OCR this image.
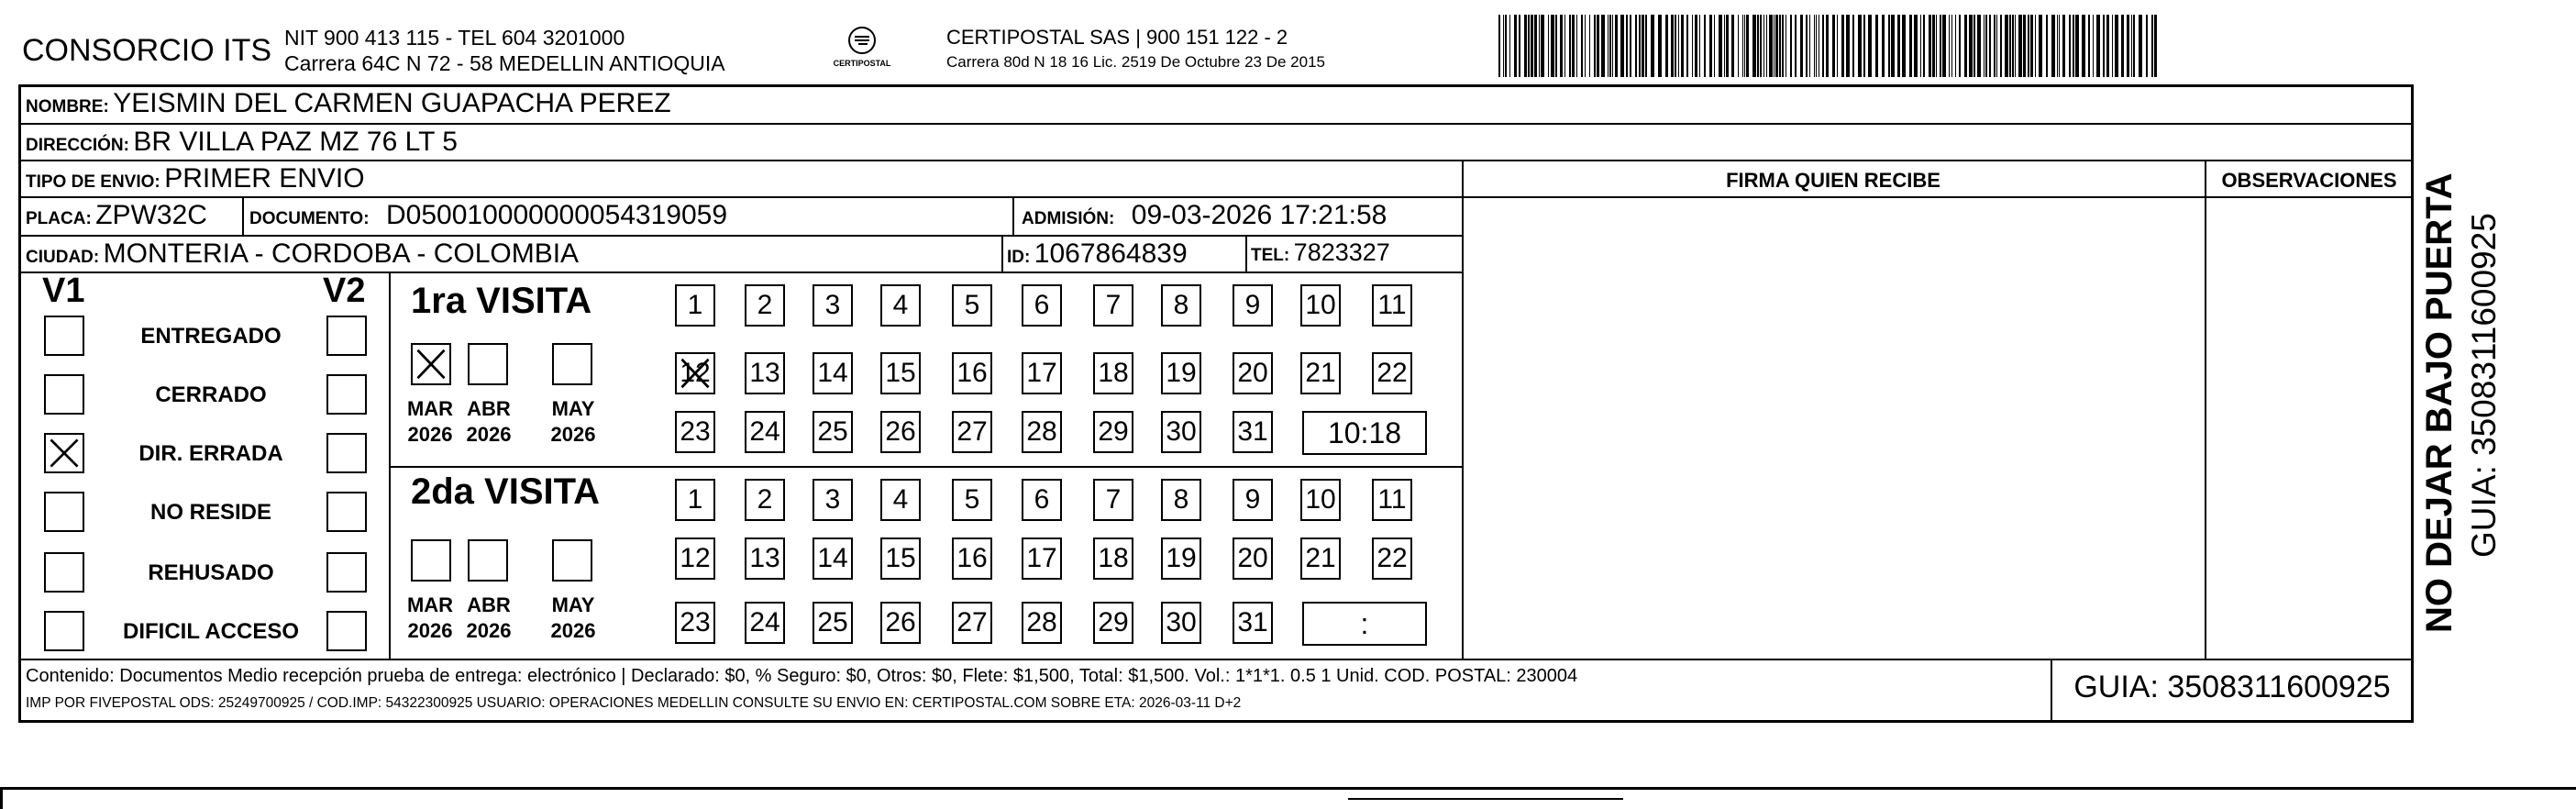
CONSORCIO ITS NIT 900 413 115 - TEL 604 3201000
Carrera 64C N 72 - 58 MEDELLIN ANTIOQUIA	CERTIPOSTAL
CERTIPOSTAL SAS | 900 151 122 - 2
Carrera 80d N 18 16 Lic. 2519 De Octubre 23 De 2015
NOMBRE: YEISMIN DEL CARMEN GUAPACHA PEREZ
DIRECCIÓN: BR VILLA PAZ MZ 76 LT 5
TIPO DE ENVIO: PRIMER ENVIO
PLACA: ZPW32C DOCUMENTO: D050010000000054319059	ADMISIÓN: 09-03-2026 17:21:58
CIUDAD: MONTERIA - CORDOBA - COLOMBIA	ID: 1067864839	TEL: 7823327
FIRMA QUIEN RECIBE	OBSERVACIONES
V1	V2
ENTREGADO
CERRADO
DIR. ERRADA
NO RESIDE
REHUSADO
DIFICIL ACCESO
1ra VISITA
MAR
2026
ABR
2026
MAY
2026
1 2 3 4 5 6 7 8 9 10 11
12 13 14 15 16 17 18 19 20 21 22
23 24 25 26 27 28 29 30 31 10:18
2da VISITA
MAR
2026
ABR
2026
MAY
2026
1 2 3 4 5 6 7 8 9 10 11
12 13 14 15 16 17 18 19 20 21 22
23 24 25 26 27 28 29 30 31	:
Contenido: Documentos Medio recepción prueba de entrega: electrónico | Declarado: $0, % Seguro: $0, Otros: $0, Flete: $1,500, Total: $1,500. Vol.: 1*1*1. 0.5 1 Unid. COD. POSTAL: 230004
IMP POR FIVEPOSTAL ODS: 25249700925 / COD.IMP: 54322300925 USUARIO: OPERACIONES MEDELLIN CONSULTE SU ENVIO EN: CERTIPOSTAL.COM SOBRE ETA: 2026-03-11 D+2	GUIA: 3508311600925
NO DEJAR BAJO PUERTA GUIA: 3508311600925
